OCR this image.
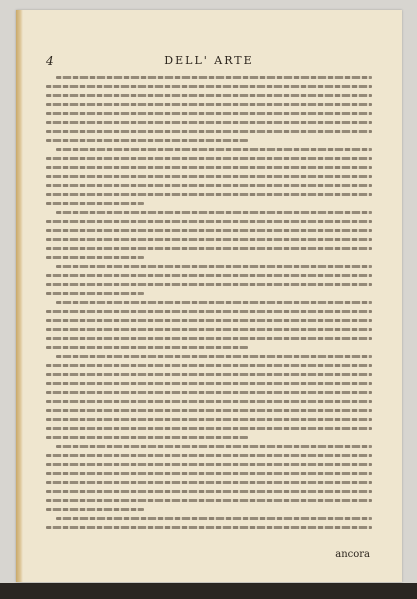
4	DELL' ARTE
ancora
